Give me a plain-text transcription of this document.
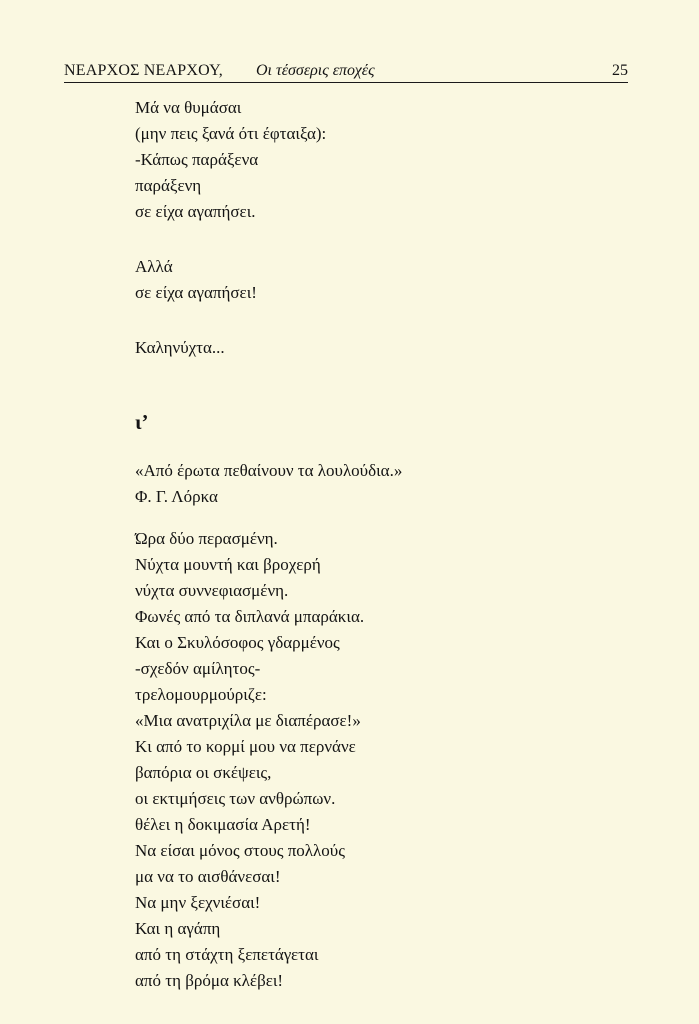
ΝΕΑΡΧΟΣ ΝΕΑΡΧΟΥ, Οι τέσσερις εποχές	25
Μά να θυμάσαι
(μην πεις ξανά ότι έφταιξα):
-Κάπως παράξενα
παράξενη
σε είχα αγαπήσει.
Αλλά
σε είχα αγαπήσει!
Καληνύχτα...
ι’
«Από έρωτα πεθαίνουν τα λουλούδια.»
Φ. Γ. Λόρκα
Ώρα δύο περασμένη.
Νύχτα μουντή και βροχερή
νύχτα συννεφιασμένη.
Φωνές από τα διπλανά μπαράκια.
Και ο Σκυλόσοφος γδαρμένος
-σχεδόν αμίλητος-
τρελομουρμούριζε:
«Μια ανατριχίλα με διαπέρασε!»
Κι από το κορμί μου να περνάνε
βαπόρια οι σκέψεις,
οι εκτιμήσεις των ανθρώπων.
θέλει η δοκιμασία Αρετή!
Να είσαι μόνος στους πολλούς
μα να το αισθάνεσαι!
Να μην ξεχνιέσαι!
Και η αγάπη
από τη στάχτη ξεπετάγεται
από τη βρόμα κλέβει!
